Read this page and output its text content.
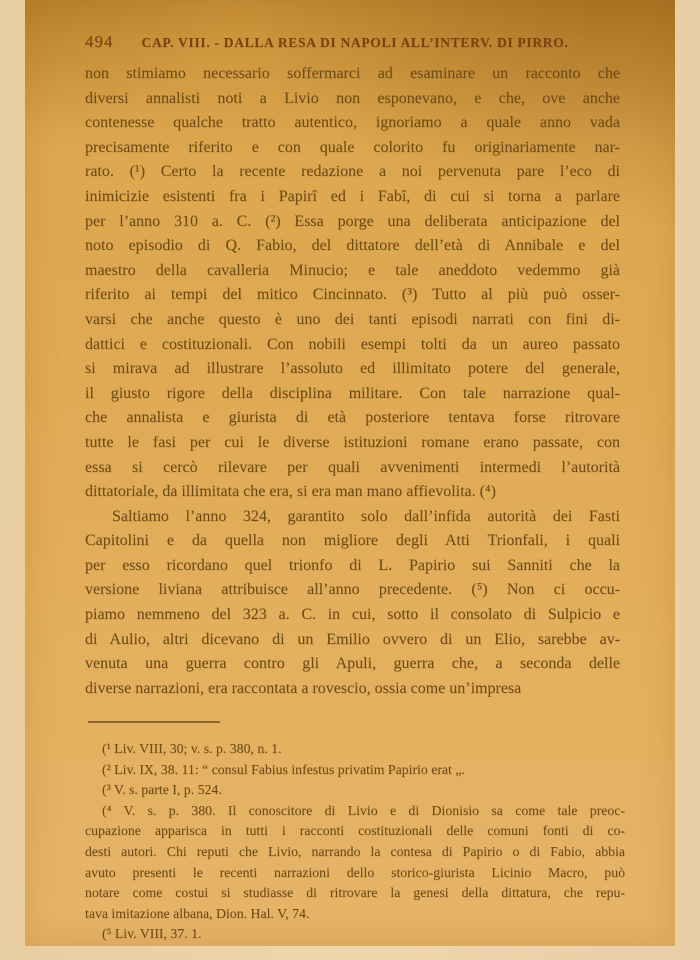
494 CAP. VIII. - DALLA RESA DI NAPOLI ALL’INTERV. DI PIRRO.
non stimiamo necessario soffermarci ad esaminare un racconto che
diversi annalisti noti a Livio non esponevano, e che, ove anche
contenesse qualche tratto autentico, ignoriamo a quale anno vada
precisamente riferito e con quale colorito fu originariamente nar-
rato. (¹) Certo la recente redazione a noi pervenuta pare l’eco di
inimicizie esistenti fra i Papirî ed i Fabî, di cui si torna a parlare
per l’anno 310 a. C. (²) Essa porge una deliberata anticipazione del
noto episodio di Q. Fabio, del dittatore dell’età di Annibale e del
maestro della cavalleria Minucio; e tale aneddoto vedemmo già
riferito ai tempi del mitico Cincinnato. (³) Tutto al più può osser-
varsi che anche questo è uno dei tanti episodi narrati con fini di-
dattici e costituzionali. Con nobili esempi tolti da un aureo passato
si mirava ad illustrare l’assoluto ed illimitato potere del generale,
il giusto rigore della disciplina militare. Con tale narrazione qual-
che annalista e giurista di età posteriore tentava forse ritrovare
tutte le fasi per cui le diverse istituzioni romane erano passate, con
essa si cercò rilevare per quali avvenimenti intermedi l’autorità
dittatoriale, da illimitata che era, si era man mano affievolita. (⁴)
Saltiamo l’anno 324, garantito solo dall’infida autorità dei Fasti
Capitolini e da quella non migliore degli Atti Trionfali, i quali
per esso ricordano quel trionfo di L. Papirio sui Sanniti che la
versione liviana attribuisce all’anno precedente. (⁵) Non ci occu-
piamo nemmeno del 323 a. C. in cui, sotto il consolato di Sulpicio e
di Aulio, altri dicevano di un Emilio ovvero di un Elio, sarebbe av-
venuta una guerra contro gli Apuli, guerra che, a seconda delle
diverse narrazioni, era raccontata a rovescio, ossia come un’impresa
(¹ Liv. VIII, 30; v. s. p. 380, n. 1.
(² Liv. IX, 38. 11: “ consul Fabius infestus privatim Papirio erat „.
(³ V. s. parte I, p. 524.
(⁴ V. s. p. 380. Il conoscitore di Livio e di Dionisio sa come tale preoc-
cupazione apparisca in tutti i racconti costituzionali delle comuni fonti di co-
desti autori. Chi reputi che Livio, narrando la contesa di Papirio o di Fabio, abbia
avuto presenti le recenti narrazioni dello storico-giurista Licinio Macro, può
notare come costui si studiasse di ritrovare la genesi della dittatura, che repu-
tava imitazione albana, Dion. Hal. V, 74.
(⁵ Liv. VIII, 37. 1.
